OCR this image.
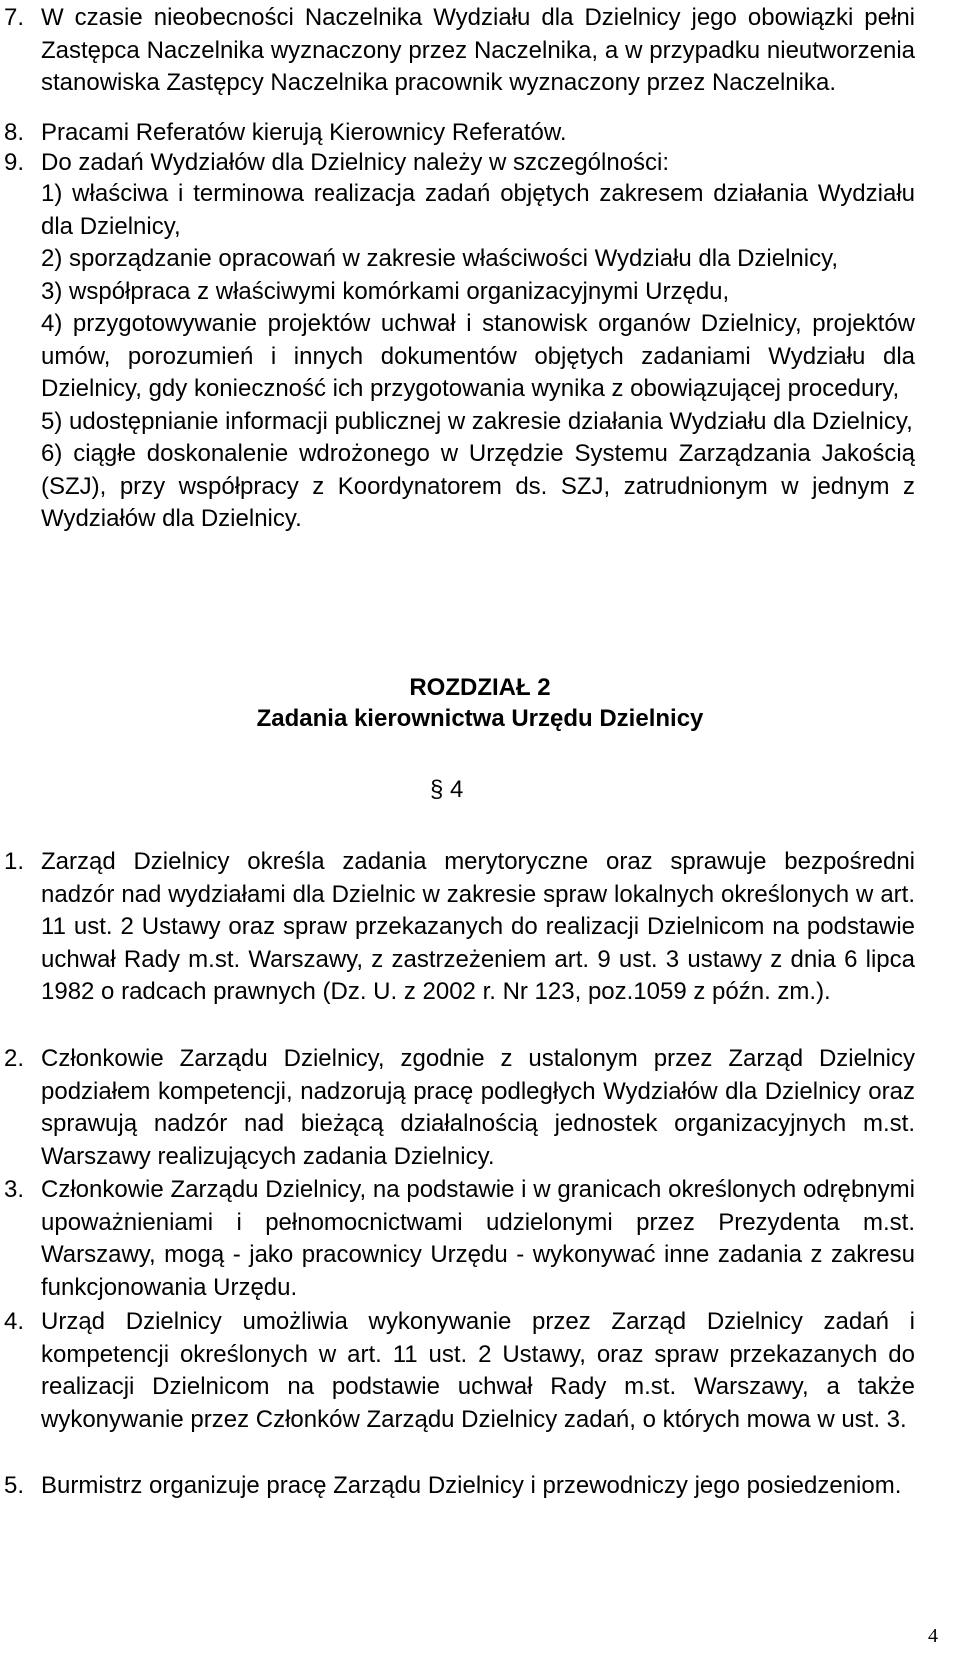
7. W czasie nieobecności Naczelnika Wydziału dla Dzielnicy jego obowiązki pełni Zastępca Naczelnika wyznaczony przez Naczelnika, a w przypadku nieutworzenia stanowiska Zastępcy Naczelnika pracownik wyznaczony przez Naczelnika.
8. Pracami Referatów kierują Kierownicy Referatów.
9. Do zadań Wydziałów dla Dzielnicy należy w szczególności:
1) właściwa i terminowa realizacja zadań objętych zakresem działania Wydziału dla Dzielnicy,
2) sporządzanie opracowań w zakresie właściwości Wydziału dla Dzielnicy,
3) współpraca z właściwymi komórkami organizacyjnymi Urzędu,
4) przygotowywanie projektów uchwał i stanowisk organów Dzielnicy, projektów umów, porozumień i innych dokumentów objętych zadaniami Wydziału dla Dzielnicy, gdy konieczność ich przygotowania wynika z obowiązującej procedury,
5) udostępnianie informacji publicznej w zakresie działania Wydziału dla Dzielnicy,
6) ciągłe doskonalenie wdrożonego w Urzędzie Systemu Zarządzania Jakością (SZJ), przy współpracy z Koordynatorem ds. SZJ, zatrudnionym w jednym z Wydziałów dla Dzielnicy.
ROZDZIAŁ 2
Zadania kierownictwa Urzędu Dzielnicy
§ 4
1. Zarząd Dzielnicy określa zadania merytoryczne oraz sprawuje bezpośredni nadzór nad wydziałami dla Dzielnic w zakresie spraw lokalnych określonych w art. 11 ust. 2 Ustawy oraz spraw przekazanych do realizacji Dzielnicom na podstawie uchwał Rady m.st. Warszawy, z zastrzeżeniem art. 9 ust. 3 ustawy z dnia 6 lipca 1982 o radcach prawnych (Dz. U. z 2002 r. Nr 123, poz.1059 z późn. zm.).
2. Członkowie Zarządu Dzielnicy, zgodnie z ustalonym przez Zarząd Dzielnicy podziałem kompetencji, nadzorują pracę podległych Wydziałów dla Dzielnicy oraz sprawują nadzór nad bieżącą działalnością jednostek organizacyjnych m.st. Warszawy realizujących zadania Dzielnicy.
3. Członkowie Zarządu Dzielnicy, na podstawie i w granicach określonych odrębnymi upoważnieniami i pełnomocnictwami udzielonymi przez Prezydenta m.st. Warszawy, mogą - jako pracownicy Urzędu - wykonywać inne zadania z zakresu funkcjonowania Urzędu.
4. Urząd Dzielnicy umożliwia wykonywanie przez Zarząd Dzielnicy zadań i kompetencji określonych w art. 11 ust. 2 Ustawy, oraz spraw przekazanych do realizacji Dzielnicom na podstawie uchwał Rady m.st. Warszawy, a także wykonywanie przez Członków Zarządu Dzielnicy zadań, o których mowa w ust. 3.
5. Burmistrz organizuje pracę Zarządu Dzielnicy i przewodniczy jego posiedzeniom.
4
